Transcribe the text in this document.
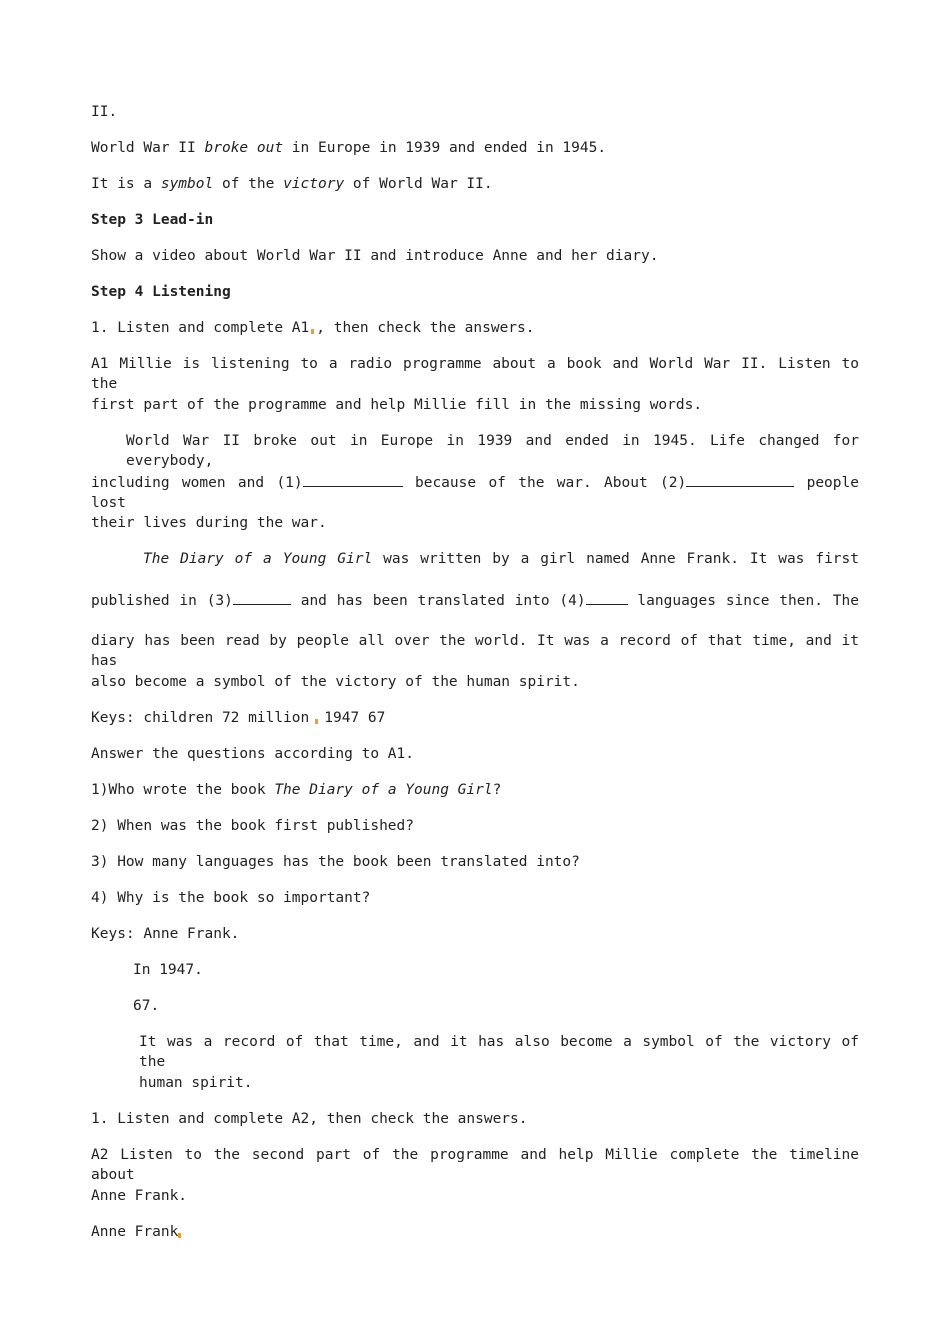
II.
World War II broke out in Europe in 1939 and ended in 1945.
It is a symbol of the victory of World War II.
Step 3 Lead-in
Show a video about World War II and introduce Anne and her diary.
Step 4 Listening
1. Listen and complete A1 , then check the answers.
A1 Millie is listening to a radio programme about a book and World War II. Listen to the
first part of the programme and help Millie fill in the missing words.
World War II broke out in Europe in 1939 and ended in 1945. Life changed for everybody,
including women and (1)	because of the war. About (2)	people lost
their lives during the war.
The Diary of a Young Girl was written by a girl named Anne Frank. It was first
published in (3)	and has been translated into (4)	languages since then. The
diary has been read by people all over the world. It was a record of that time, and it has
also become a symbol of the victory of the human spirit.
Keys: children 72 million 1947 67
Answer the questions according to A1.
1)Who wrote the book The Diary of a Young Girl?
2) When was the book first published?
3) How many languages has the book been translated into?
4) Why is the book so important?
Keys: Anne Frank.
In 1947.
67.
It was a record of that time, and it has also become a symbol of the victory of the
human spirit.
1. Listen and complete A2, then check the answers.
A2 Listen to the second part of the programme and help Millie complete the timeline about
Anne Frank.
Anne Frank
